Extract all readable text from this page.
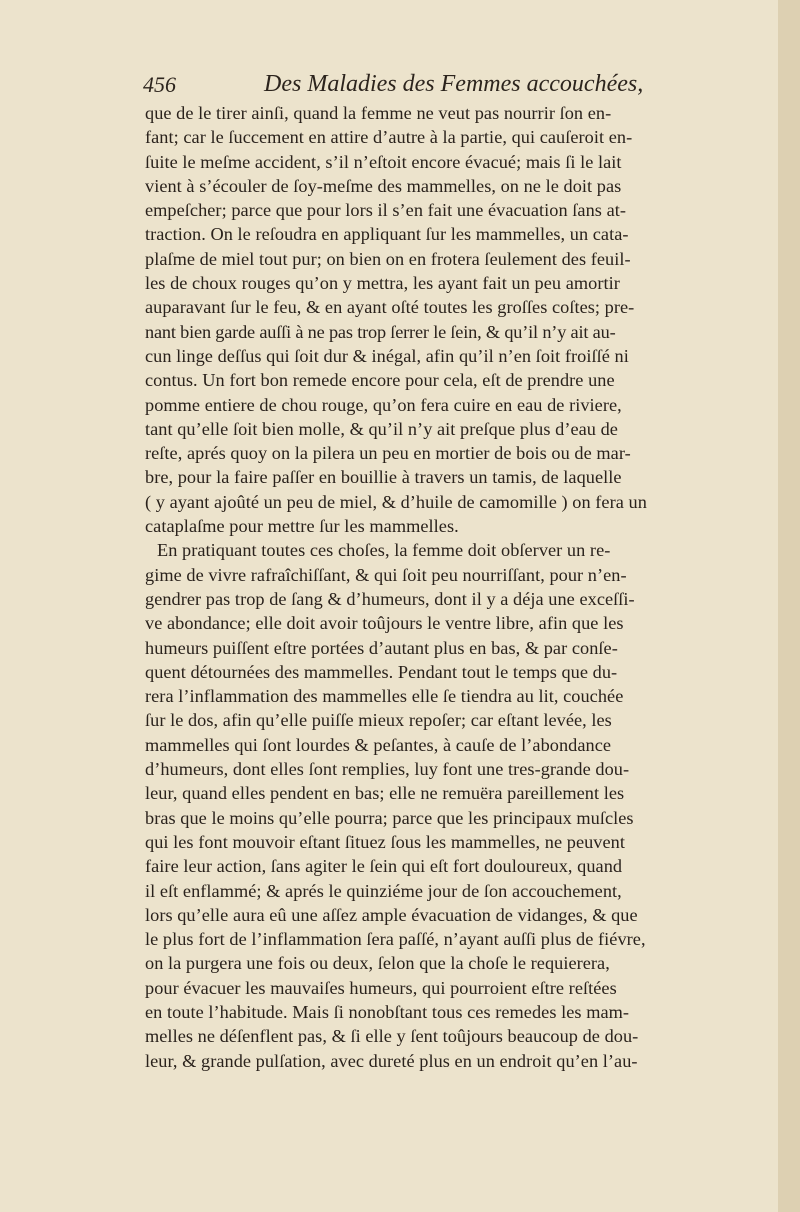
456	Des Maladies des Femmes accouchées,
que de le tirer ainſi, quand la femme ne veut pas nourrir ſon en-
fant; car le ſuccement en attire d’autre à la partie, qui cauſeroit en-
ſuite le meſme accident, s’il n’eſtoit encore évacué; mais ſi le lait
vient à s’écouler de ſoy-meſme des mammelles, on ne le doit pas
empeſcher; parce que pour lors il s’en fait une évacuation ſans at-
traction. On le reſoudra en appliquant ſur les mammelles, un cata-
plaſme de miel tout pur; on bien on en frotera ſeulement des feuil-
les de choux rouges qu’on y mettra, les ayant fait un peu amortir
auparavant ſur le feu, & en ayant oſté toutes les groſſes coſtes; pre-
nant bien garde auſſi à ne pas trop ſerrer le ſein, & qu’il n’y ait au-
cun linge deſſus qui ſoit dur & inégal, afin qu’il n’en ſoit froiſſé ni
contus. Un fort bon remede encore pour cela, eſt de prendre une
pomme entiere de chou rouge, qu’on fera cuire en eau de riviere,
tant qu’elle ſoit bien molle, & qu’il n’y ait preſque plus d’eau de
reſte, aprés quoy on la pilera un peu en mortier de bois ou de mar-
bre, pour la faire paſſer en bouillie à travers un tamis, de laquelle
( y ayant ajoûté un peu de miel, & d’huile de camomille ) on fera un
cataplaſme pour mettre ſur les mammelles.
En pratiquant toutes ces choſes, la femme doit obſerver un re-
gime de vivre rafraîchiſſant, & qui ſoit peu nourriſſant, pour n’en-
gendrer pas trop de ſang & d’humeurs, dont il y a déja une exceſſi-
ve abondance; elle doit avoir toûjours le ventre libre, afin que les
humeurs puiſſent eſtre portées d’autant plus en bas, & par conſe-
quent détournées des mammelles. Pendant tout le temps que du-
rera l’inflammation des mammelles elle ſe tiendra au lit, couchée
ſur le dos, afin qu’elle puiſſe mieux repoſer; car eſtant levée, les
mammelles qui ſont lourdes & peſantes, à cauſe de l’abondance
d’humeurs, dont elles ſont remplies, luy font une tres-grande dou-
leur, quand elles pendent en bas; elle ne remuëra pareillement les
bras que le moins qu’elle pourra; parce que les principaux muſcles
qui les font mouvoir eſtant ſituez ſous les mammelles, ne peuvent
faire leur action, ſans agiter le ſein qui eſt fort douloureux, quand
il eſt enflammé; & aprés le quinziéme jour de ſon accouchement,
lors qu’elle aura eû une aſſez ample évacuation de vidanges, & que
le plus fort de l’inflammation ſera paſſé, n’ayant auſſi plus de fiévre,
on la purgera une fois ou deux, ſelon que la choſe le requierera,
pour évacuer les mauvaiſes humeurs, qui pourroient eſtre reſtées
en toute l’habitude. Mais ſi nonobſtant tous ces remedes les mam-
melles ne déſenflent pas, & ſi elle y ſent toûjours beaucoup de dou-
leur, & grande pulſation, avec dureté plus en un endroit qu’en l’au-
